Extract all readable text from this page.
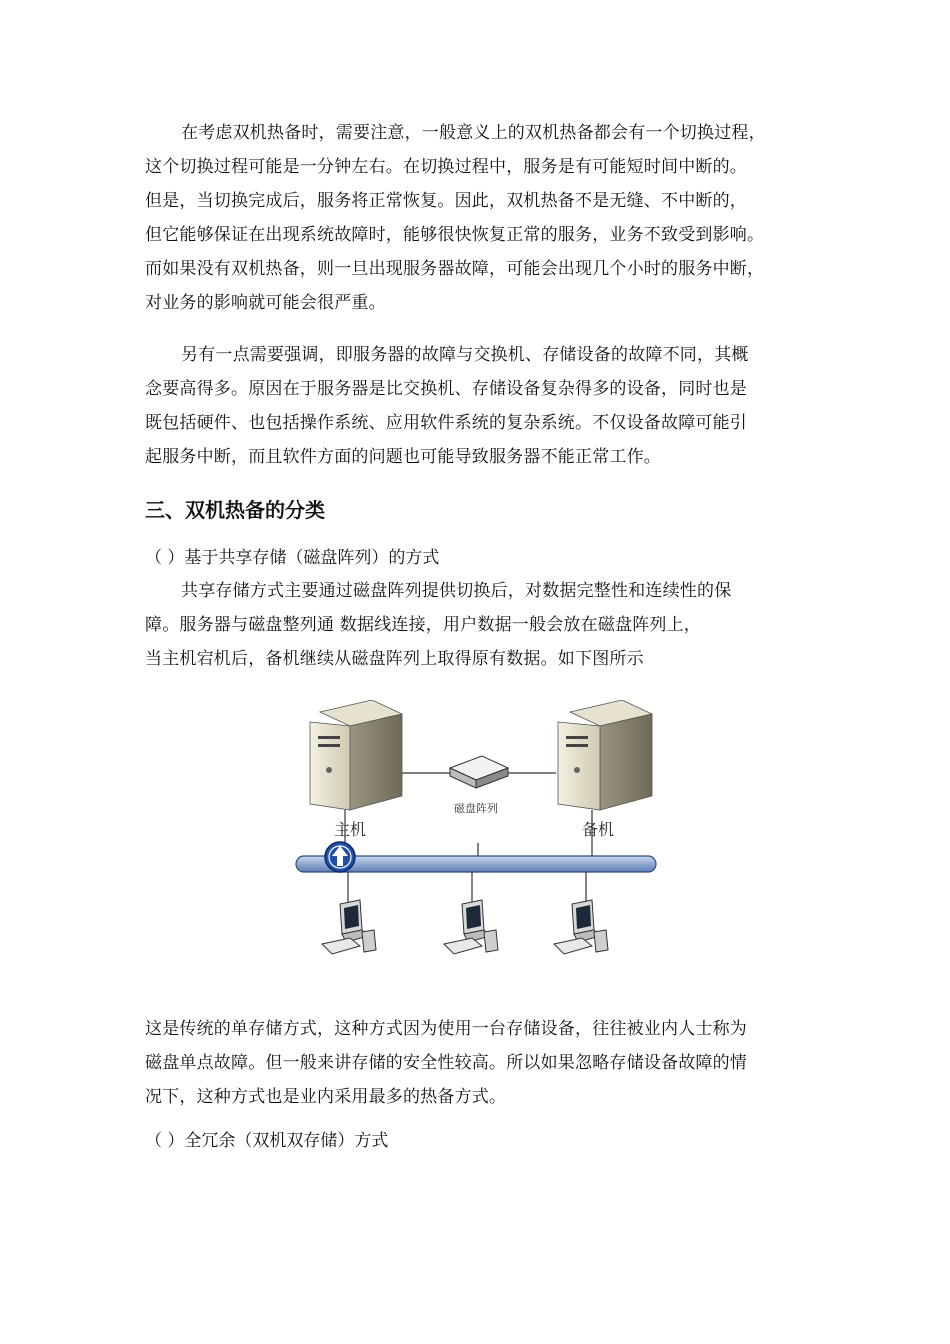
在考虑双机热备时，需要注意，一般意义上的双机热备都会有一个切换过程，
这个切换过程可能是一分钟左右。在切换过程中，服务是有可能短时间中断的。
但是，当切换完成后，服务将正常恢复。因此，双机热备不是无缝、不中断的，
但它能够保证在出现系统故障时，能够很快恢复正常的服务，业务不致受到影响。
而如果没有双机热备，则一旦出现服务器故障，可能会出现几个小时的服务中断，
对业务的影响就可能会很严重。
另有一点需要强调，即服务器的故障与交换机、存储设备的故障不同，其概
念要高得多。原因在于服务器是比交换机、存储设备复杂得多的设备，同时也是
既包括硬件、也包括操作系统、应用软件系统的复杂系统。不仅设备故障可能引
起服务中断，而且软件方面的问题也可能导致服务器不能正常工作。
三、双机热备的分类

（ ）基于共享存储（磁盘阵列）的方式

共享存储方式主要通过磁盘阵列提供切换后，对数据完整性和连续性的保
障。服务器与磁盘整列通 数据线连接，用户数据一般会放在磁盘阵列上，
当主机宕机后，备机继续从磁盘阵列上取得原有数据。如下图所示
主机	备机
磁盘阵列
这是传统的单存储方式，这种方式因为使用一台存储设备，往往被业内人士称为
磁盘单点故障。但一般来讲存储的安全性较高。所以如果忽略存储设备故障的情
况下，这种方式也是业内采用最多的热备方式。

（ ）全冗余（双机双存储）方式
